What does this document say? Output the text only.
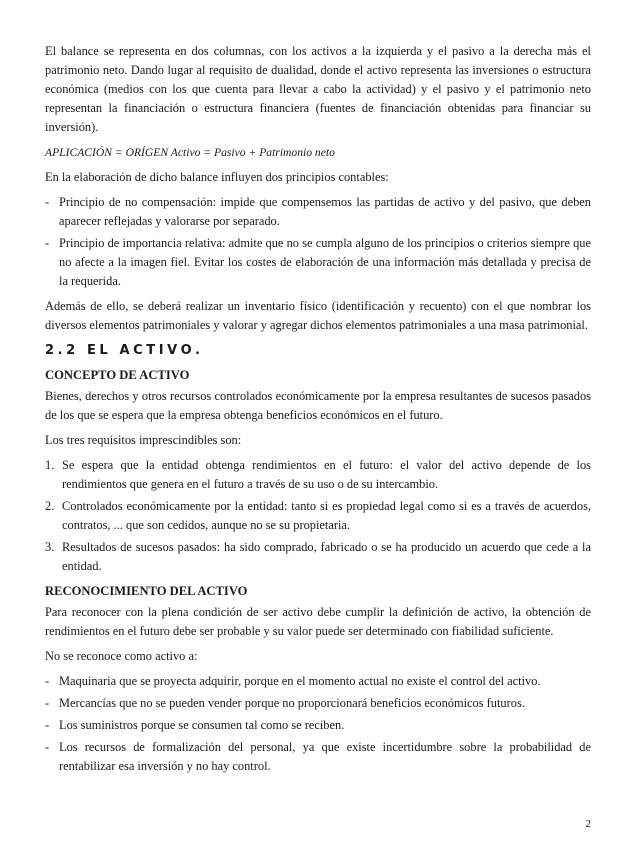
El balance se representa en dos columnas, con los activos a la izquierda y el pasivo a la derecha más el patrimonio neto. Dando lugar al requisito de dualidad, donde el activo representa las inversiones o estructura económica (medios con los que cuenta para llevar a cabo la actividad) y el pasivo y el patrimonio neto representan la financiación o estructura financiera (fuentes de financiación obtenidas para financiar su inversión).

APLICACIÓN = ORÍGEN Activo = Pasivo + Patrimonio neto

En la elaboración de dicho balance influyen dos principios contables:

- Principio de no compensación: impide que compensemos las partidas de activo y del pasivo, que deben aparecer reflejadas y valorarse por separado.
- Principio de importancia relativa: admite que no se cumpla alguno de los principios o criterios siempre que no afecte a la imagen fiel. Evitar los costes de elaboración de una información más detallada y precisa de la requerida.

Además de ello, se deberá realizar un inventario físico (identificación y recuento) con el que nombrar los diversos elementos patrimoniales y valorar y agregar dichos elementos patrimoniales a una masa patrimonial.

2.2 EL ACTIVO.
CONCEPTO DE ACTIVO

Bienes, derechos y otros recursos controlados económicamente por la empresa resultantes de sucesos pasados de los que se espera que la empresa obtenga beneficios económicos en el futuro.

Los tres requisitos imprescindibles son:

1. Se espera que la entidad obtenga rendimientos en el futuro: el valor del activo depende de los rendimientos que genera en el futuro a través de su uso o de su intercambio.
2. Controlados económicamente por la entidad: tanto si es propiedad legal como si es a través de acuerdos, contratos, ... que son cedidos, aunque no se su propietaria.
3. Resultados de sucesos pasados: ha sido comprado, fabricado o se ha producido un acuerdo que cede a la entidad.
RECONOCIMIENTO DEL ACTIVO

Para reconocer con la plena condición de ser activo debe cumplir la definición de activo, la obtención de rendimientos en el futuro debe ser probable y su valor puede ser determinado con fiabilidad suficiente.

No se reconoce como activo a:

- Maquinaria que se proyecta adquirir, porque en el momento actual no existe el control del activo.
- Mercancías que no se pueden vender porque no proporcionará beneficios económicos futuros.
- Los suministros porque se consumen tal como se reciben.
- Los recursos de formalización del personal, ya que existe incertidumbre sobre la probabilidad de rentabilizar esa inversión y no hay control.
2
